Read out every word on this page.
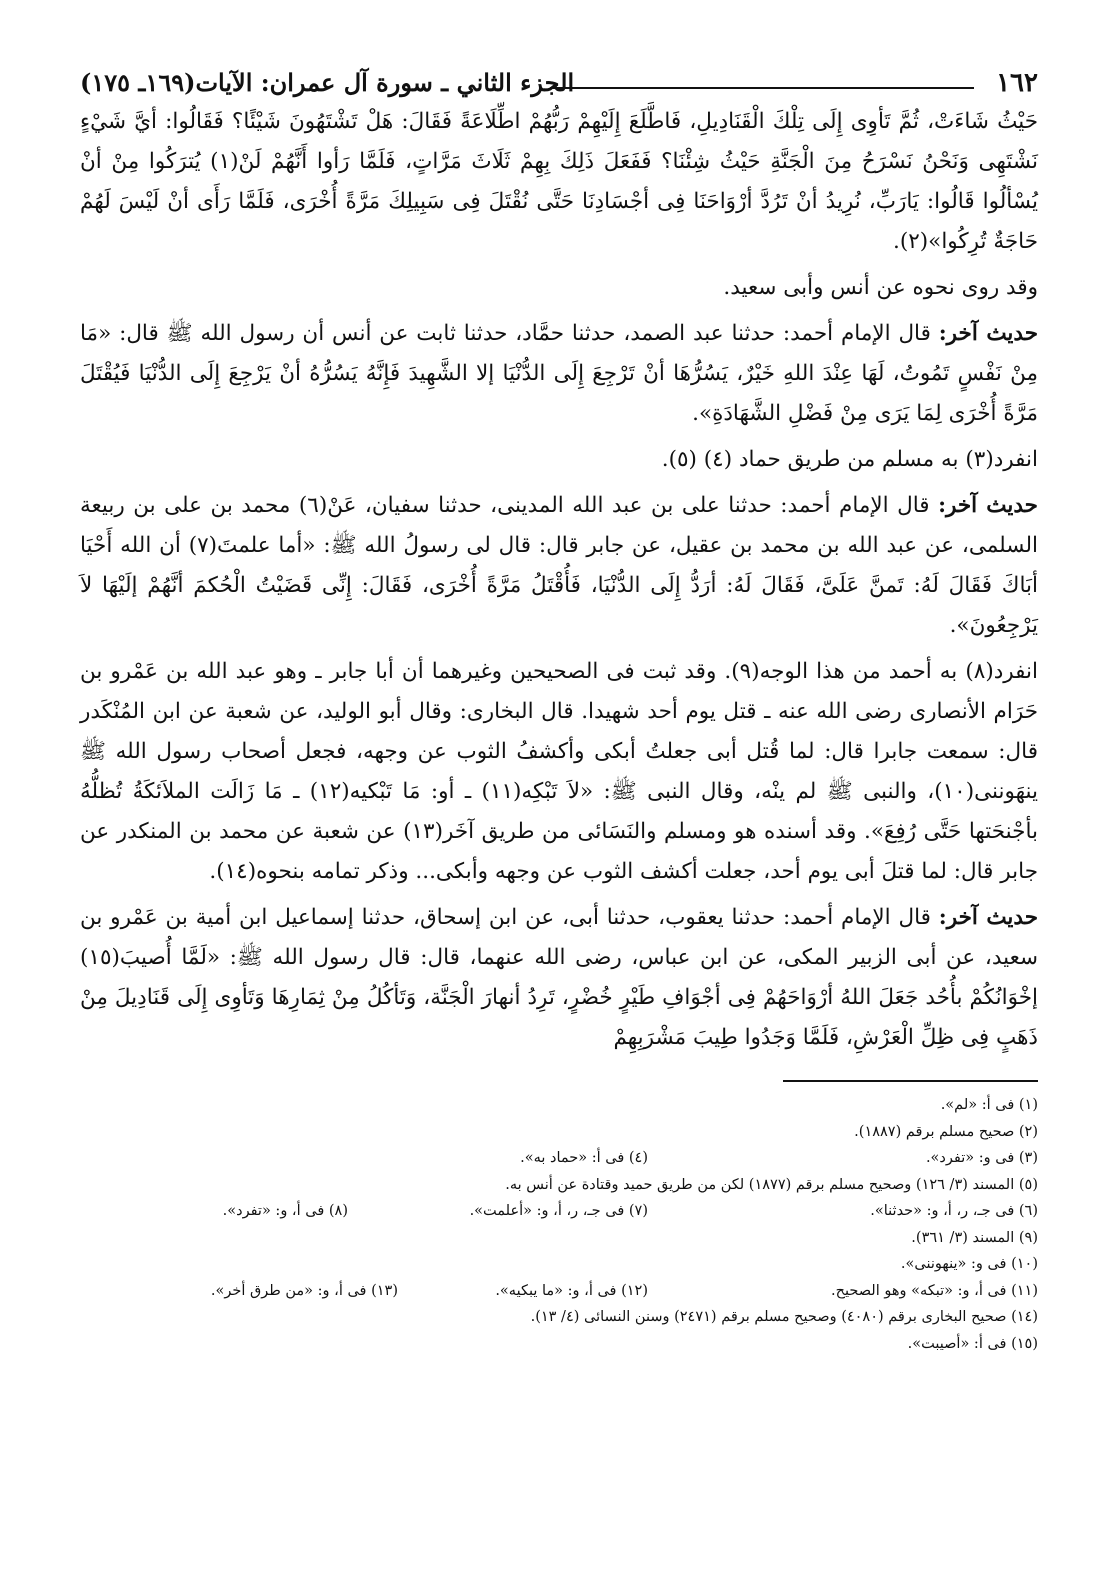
١٦٢
الجزء الثاني ـ سورة آل عمران: الآيات(١٦٩ـ ١٧٥)

حَيْثُ شَاءَتْ، ثُمَّ تَأوِى إِلَى تِلْكَ الْقَنَادِيلِ، فَاطَّلَعَ إِلَيْهِمْ رَبُّهُمْ اطِّلَاعَةً فَقَالَ: هَلْ تَشْتَهُونَ شَيْئًا؟ فَقَالُوا: أيَّ شَيْءٍ نَشْتَهِى وَنَحْنُ نَسْرَحُ مِنَ الْجَنَّةِ حَيْثُ شِئْنَا؟ فَفَعَلَ ذَلِكَ بِهِمْ ثَلَاثَ مَرَّاتٍ، فَلَمَّا رَأوا أَنَّهُمْ لَنْ(١) يُترَكُوا مِنْ أنْ يُسْألُوا قَالُوا: يَارَبِّ، نُرِيدُ أنْ تَرُدَّ أرْوَاحَنَا فِى أجْسَادِنَا حَتَّى نُقْتَلَ فِى سَبِيلِكَ مَرَّةً أُخْرَى، فَلَمَّا رَأَى أنْ لَيْسَ لَهُمْ حَاجَةٌ تُرِكُوا»(٢).

وقد روى نحوه عن أنس وأبى سعيد.

حديث آخر: قال الإمام أحمد: حدثنا عبد الصمد، حدثنا حمَّاد، حدثنا ثابت عن أنس أن رسول الله ﷺ قال: «مَا مِنْ نَفْسٍ تَمُوتُ، لَهَا عِنْدَ اللهِ خَيْرٌ، يَسُرُّهَا أنْ تَرْجِعَ إِلَى الدُّنْيَا إلا الشَّهِيدَ فَإِنَّهُ يَسُرُّهُ أنْ يَرْجِعَ إِلَى الدُّنْيَا فَيُقْتَلَ مَرَّةً أُخْرَى لِمَا يَرَى مِنْ فَضْلِ الشَّهَادَةِ».

انفرد(٣) به مسلم من طريق حماد (٤) (٥).

حديث آخر: قال الإمام أحمد: حدثنا على بن عبد الله المدينى، حدثنا سفيان، عَنْ(٦) محمد بن على بن ربيعة السلمى، عن عبد الله بن محمد بن عقيل، عن جابر قال: قال لى رسولُ الله ﷺ: «أما علمتَ(٧) أن الله أَحْيَا أبَاكَ فَقَالَ لَهُ: تَمنَّ عَلَىَّ، فَقَالَ لَهُ: أرَدُّ إِلَى الدُّنْيَا، فَأُقْتَلُ مَرَّةً أُخْرَى، فَقَالَ: إِنِّى قَضَيْتُ الْحُكمَ أنَّهُمْ إلَيْهَا لاَ يَرْجِعُونَ».

انفرد(٨) به أحمد من هذا الوجه(٩). وقد ثبت فى الصحيحين وغيرهما أن أبا جابر ـ وهو عبد الله بن عَمْرو بن حَرَام الأنصارى رضى الله عنه ـ قتل يوم أحد شهيدا. قال البخارى: وقال أبو الوليد، عن شعبة عن ابن المُنْكَدر قال: سمعت جابرا قال: لما قُتل أبى جعلتُ أبكى وأكشفُ الثوب عن وجهه، فجعل أصحاب رسول الله ﷺ ينهَوننى(١٠)، والنبى ﷺ لم ينْه، وقال النبى ﷺ: «لاَ تَبْكِه(١١) ـ أو: مَا تَبْكيه(١٢) ـ مَا زَالَت الملاَئكَةُ تُظلُّهُ بأجْنحَتها حَتَّى رُفِعَ». وقد أسنده هو ومسلم والنَسَائى من طريق آخَر(١٣) عن شعبة عن محمد بن المنكدر عن جابر قال: لما قتلَ أبى يوم أحد، جعلت أكشف الثوب عن وجهه وأبكى... وذكر تمامه بنحوه(١٤).

حديث آخر: قال الإمام أحمد: حدثنا يعقوب، حدثنا أبى، عن ابن إسحاق، حدثنا إسماعيل ابن أمية بن عَمْرو بن سعيد، عن أبى الزبير المكى، عن ابن عباس، رضى الله عنهما، قال: قال رسول الله ﷺ: «لَمَّا أُصيبَ(١٥) إخْوَانُكُمْ بأُحُد جَعَلَ اللهُ أرْوَاحَهُمْ فِى أجْوَافِ طَيْرٍ خُضْرٍ، تَرِدُ أنهارَ الْجَنَّة، وَتَأكُلُ مِنْ ثِمَارِهَا وَتَأوِى إِلَى قَنَادِيلَ مِنْ ذَهَبٍ فِى ظِلِّ الْعَرْشِ، فَلَمَّا وَجَدُوا طِيبَ مَشْرَبِهِمْ

(١) فى أ: «لم».
(٢) صحيح مسلم برقم (١٨٨٧).
(٣) فى و: «تفرد».
(٤) فى أ: «حماد به».
(٥) المسند (٣/ ١٢٦) وصحيح مسلم برقم (١٨٧٧) لكن من طريق حميد وقتادة عن أنس به.
(٦) فى جـ، ر، أ، و: «حدثنا».
(٧) فى جـ، ر، أ، و: «أعلمت».
(٨) فى أ، و: «تفرد».
(٩) المسند (٣/ ٣٦١).
(١٠) فى و: «ينهوننى».
(١١) فى أ، و: «تبكه» وهو الصحيح.
(١٢) فى أ، و: «ما يبكيه».
(١٣) فى أ، و: «من طرق أخر».
(١٤) صحيح البخارى برقم (٤٠٨٠) وصحيح مسلم برقم (٢٤٧١) وسنن النسائى (٤/ ١٣).
(١٥) فى أ: «أصيبت».
